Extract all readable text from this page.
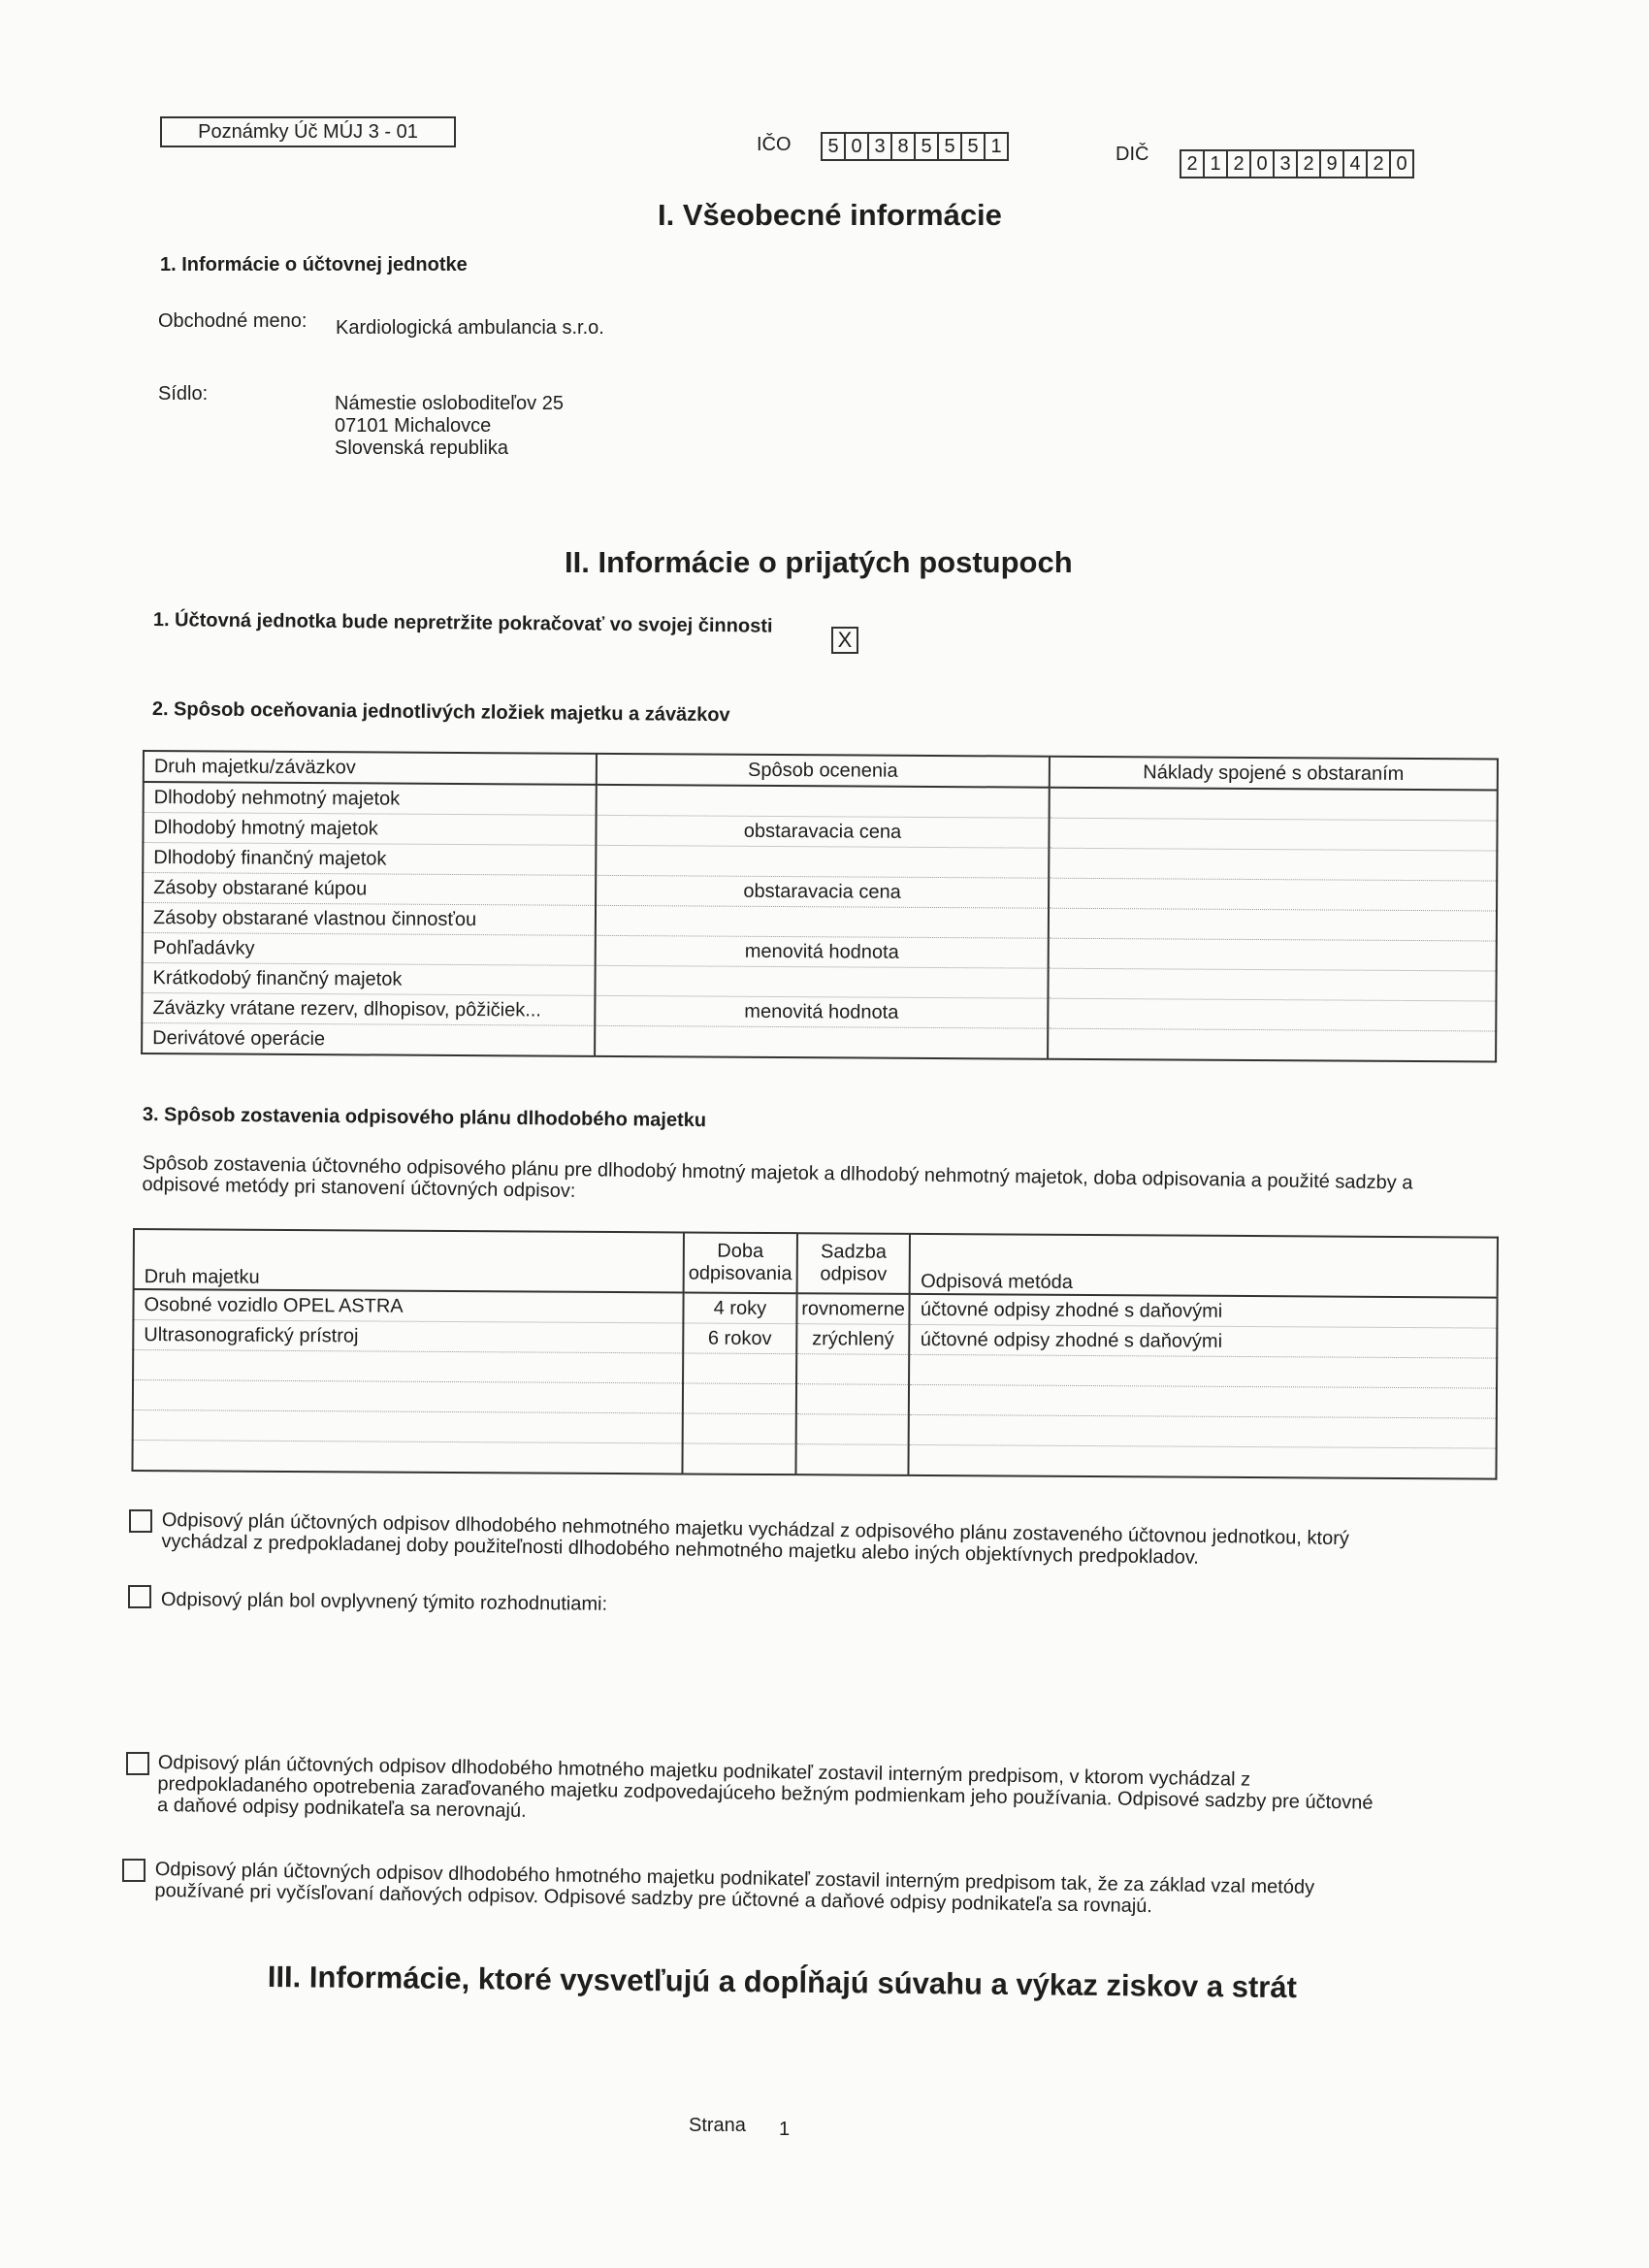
Poznámky Úč MÚJ 3 - 01
IČO	5 0 3 8 5 5 5 1	DIČ	2 1 2 0 3 2 9 4 2 0
I. Všeobecné informácie
1. Informácie o účtovnej jednotke
Obchodné meno: Kardiologická ambulancia s.r.o.
Sídlo:	Námestie osloboditeľov 25
07101 Michalovce
Slovenská republika
II. Informácie o prijatých postupoch
1. Účtovná jednotka bude nepretržite pokračovať vo svojej činnosti
X
2. Spôsob oceňovania jednotlivých zložiek majetku a záväzkov
Druh majetku/záväzkov	Spôsob ocenenia	Náklady spojené s obstaraním
Dlhodobý nehmotný majetok		
Dlhodobý hmotný majetok	obstaravacia cena	
Dlhodobý finančný majetok		
Zásoby obstarané kúpou	obstaravacia cena	
Zásoby obstarané vlastnou činnosťou		
Pohľadávky	menovitá hodnota	
Krátkodobý finančný majetok		
Záväzky vrátane rezerv, dlhopisov, pôžičiek...	menovitá hodnota	
Derivátové operácie		
3. Spôsob zostavenia odpisového plánu dlhodobého majetku
Spôsob zostavenia účtovného odpisového plánu pre dlhodobý hmotný majetok a dlhodobý nehmotný majetok, doba odpisovania a použité sadzby a odpisové metódy pri stanovení účtovných odpisov:
Druh majetku	Doba odpisovania	Sadzba odpisov	Odpisová metóda
Osobné vozidlo OPEL ASTRA	4 roky	rovnomerne	účtovné odpisy zhodné s daňovými
Ultrasonografický prístroj	6 rokov	zrýchlený	účtovné odpisy zhodné s daňovými

Odpisový plán účtovných odpisov dlhodobého nehmotného majetku vychádzal z odpisového plánu zostaveného účtovnou jednotkou, ktorý vychádzal z predpokladanej doby použiteľnosti dlhodobého nehmotného majetku alebo iných objektívnych predpokladov.
Odpisový plán bol ovplyvnený týmito rozhodnutiami:
Odpisový plán účtovných odpisov dlhodobého hmotného majetku podnikateľ zostavil interným predpisom, v ktorom vychádzal z predpokladaného opotrebenia zaraďovaného majetku zodpovedajúceho bežným podmienkam jeho používania. Odpisové sadzby pre účtovné a daňové odpisy podnikateľa sa nerovnajú.
Odpisový plán účtovných odpisov dlhodobého hmotného majetku podnikateľ zostavil interným predpisom tak, že za základ vzal metódy používané pri vyčísľovaní daňových odpisov. Odpisové sadzby pre účtovné a daňové odpisy podnikateľa sa rovnajú.
III. Informácie, ktoré vysvetľujú a dopĺňajú súvahu a výkaz ziskov a strát
Strana 1
